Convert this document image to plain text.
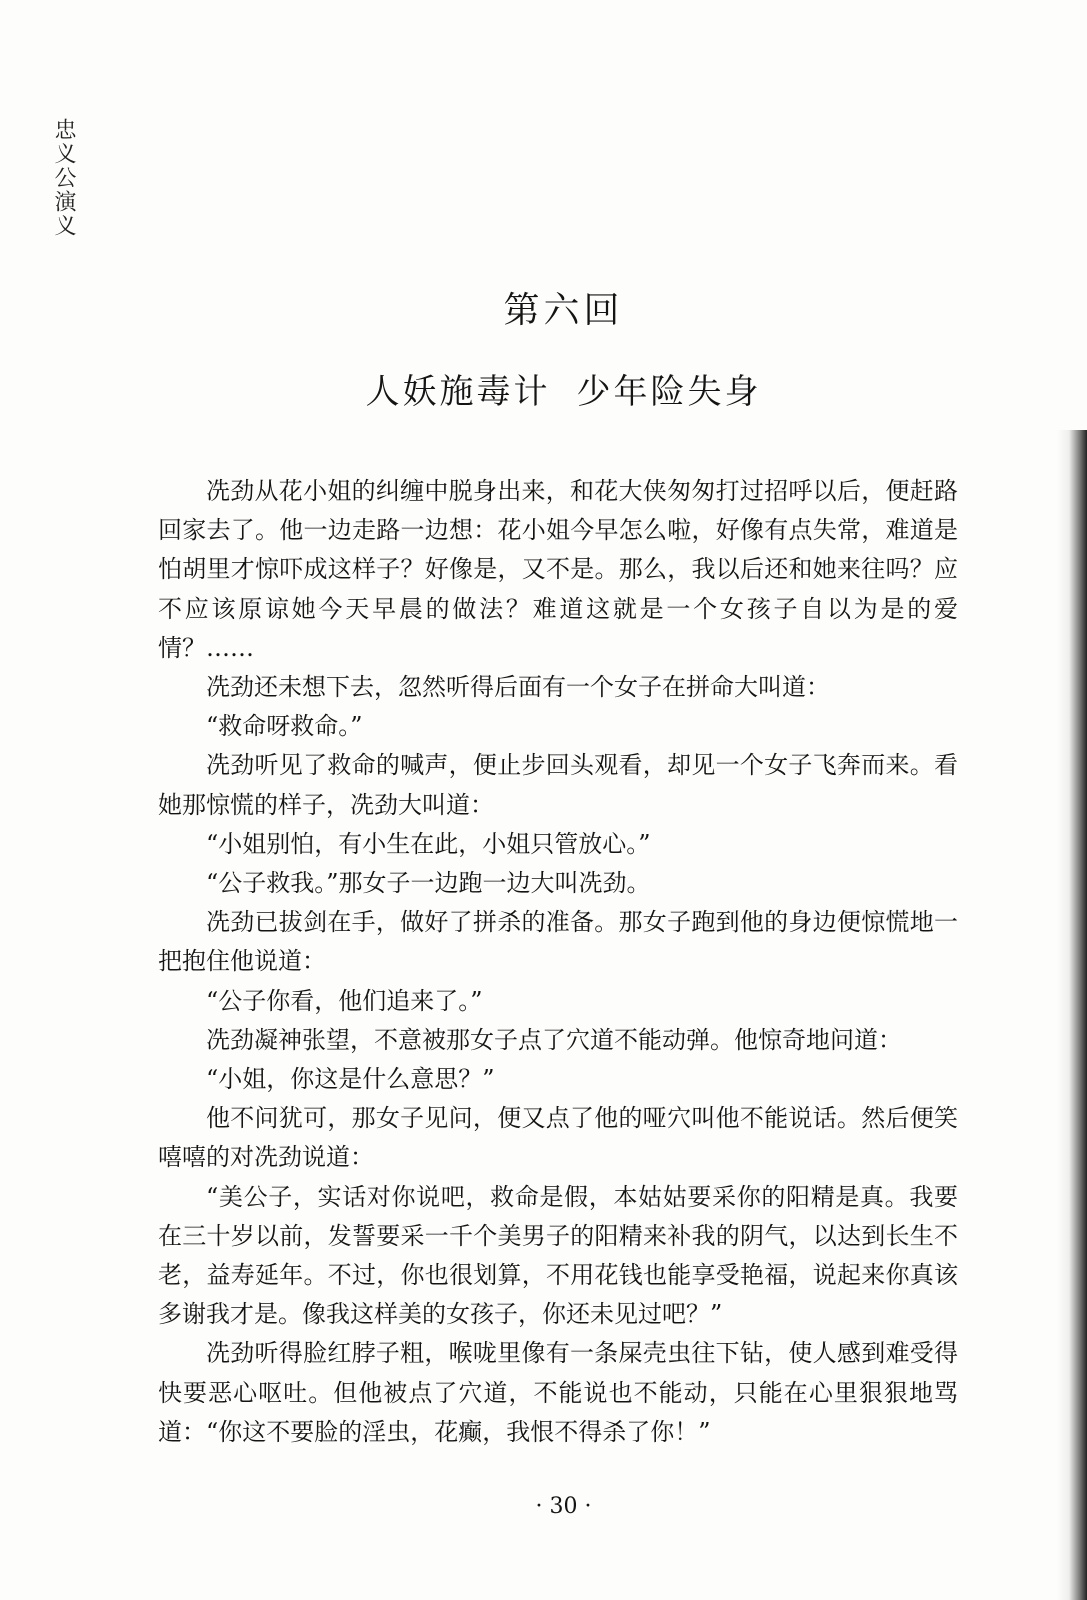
忠义公演义
第六回
人妖施毒计 少年险失身

冼劲从花小姐的纠缠中脱身出来，和花大侠匆匆打过招呼以后，便赶路回家去了。他一边走路一边想：花小姐今早怎么啦，好像有点失常，难道是怕胡里才惊吓成这样子？好像是，又不是。那么，我以后还和她来往吗？应不应该原谅她今天早晨的做法？难道这就是一个女孩子自以为是的爱情？……

冼劲还未想下去，忽然听得后面有一个女子在拼命大叫道：

“救命呀救命。”

冼劲听见了救命的喊声，便止步回头观看，却见一个女子飞奔而来。看她那惊慌的样子，冼劲大叫道：

“小姐别怕，有小生在此，小姐只管放心。”

“公子救我。”那女子一边跑一边大叫冼劲。

冼劲已拔剑在手，做好了拼杀的准备。那女子跑到他的身边便惊慌地一把抱住他说道：

“公子你看，他们追来了。”

冼劲凝神张望，不意被那女子点了穴道不能动弹。他惊奇地问道：

“小姐，你这是什么意思？”

他不问犹可，那女子见问，便又点了他的哑穴叫他不能说话。然后便笑嘻嘻的对冼劲说道：

“美公子，实话对你说吧，救命是假，本姑姑要采你的阳精是真。我要在三十岁以前，发誓要采一千个美男子的阳精来补我的阴气，以达到长生不老，益寿延年。不过，你也很划算，不用花钱也能享受艳福，说起来你真该多谢我才是。像我这样美的女孩子，你还未见过吧？”

冼劲听得脸红脖子粗，喉咙里像有一条屎壳虫往下钻，使人感到难受得快要恶心呕吐。但他被点了穴道，不能说也不能动，只能在心里狠狠地骂道：“你这不要脸的淫虫，花癫，我恨不得杀了你！”

· 30 ·
